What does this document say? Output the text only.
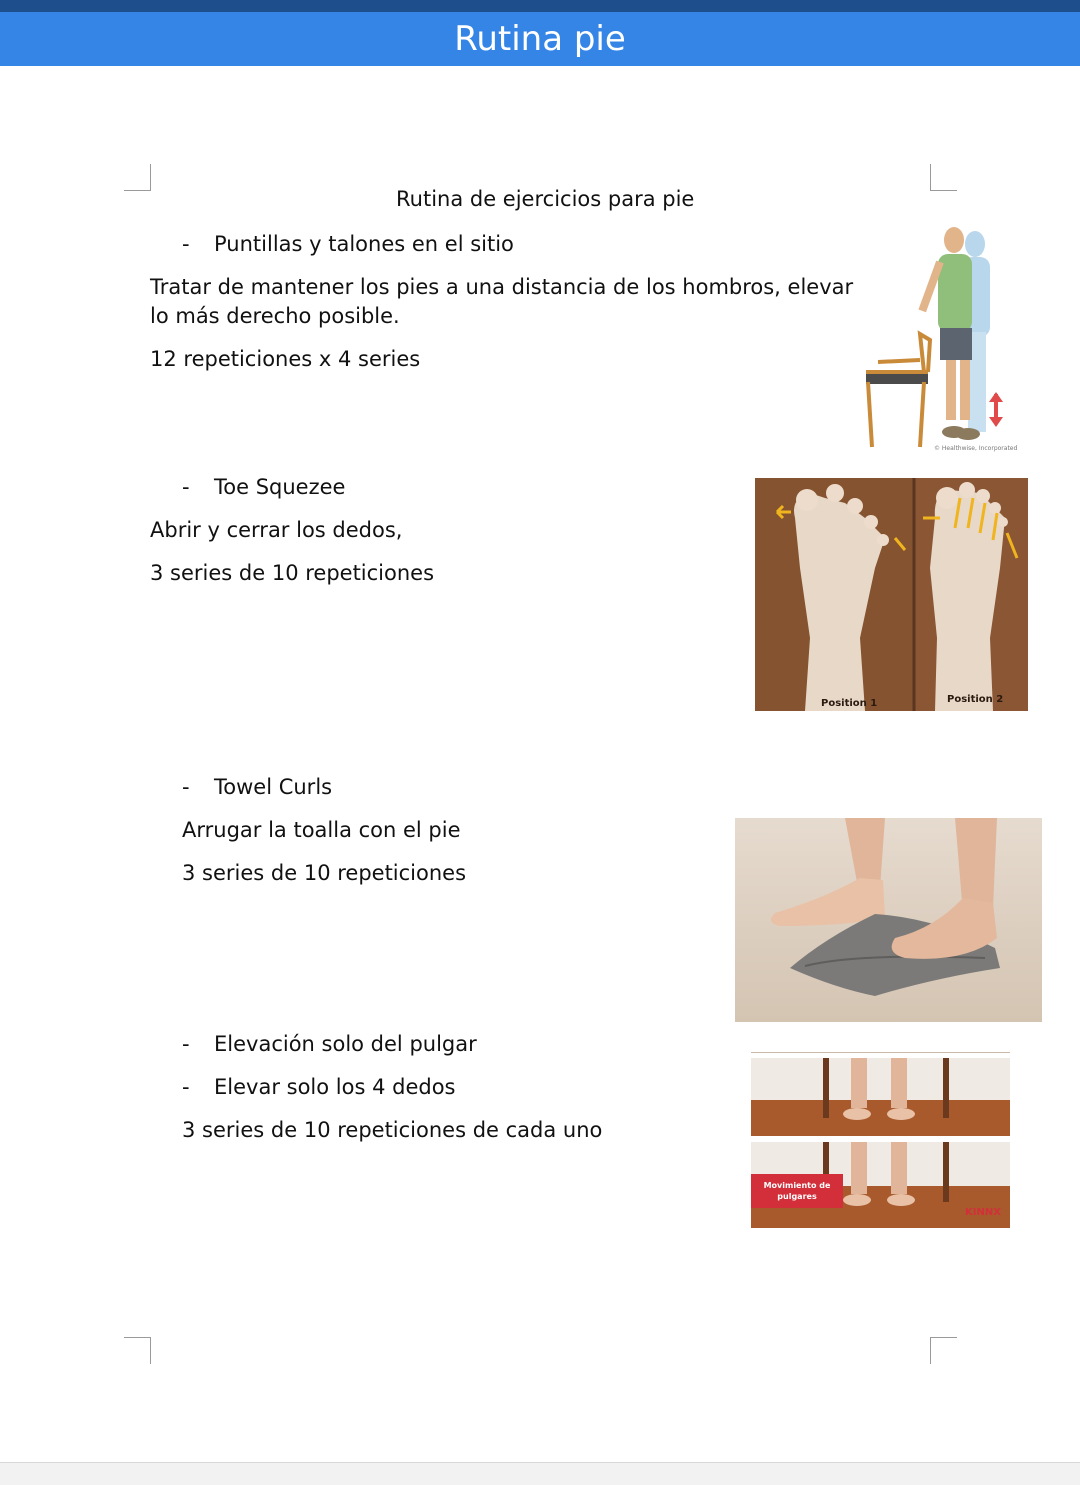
Rutina pie
Rutina de ejercicios para pie
- Puntillas y talones en el sitio
Tratar de mantener los pies a una distancia de los hombros, elevar
lo más derecho posible.
12 repeticiones x 4 series
© Healthwise, Incorporated
- Toe Squezee
Abrir y cerrar los dedos,
3 series de 10 repeticiones
Position 1	Position 2
- Towel Curls
Arrugar la toalla con el pie
3 series de 10 repeticiones
- Elevación solo del pulgar
- Elevar solo los 4 dedos
3 series de 10 repeticiones de cada uno
Movimiento de
pulgares
KINNX
